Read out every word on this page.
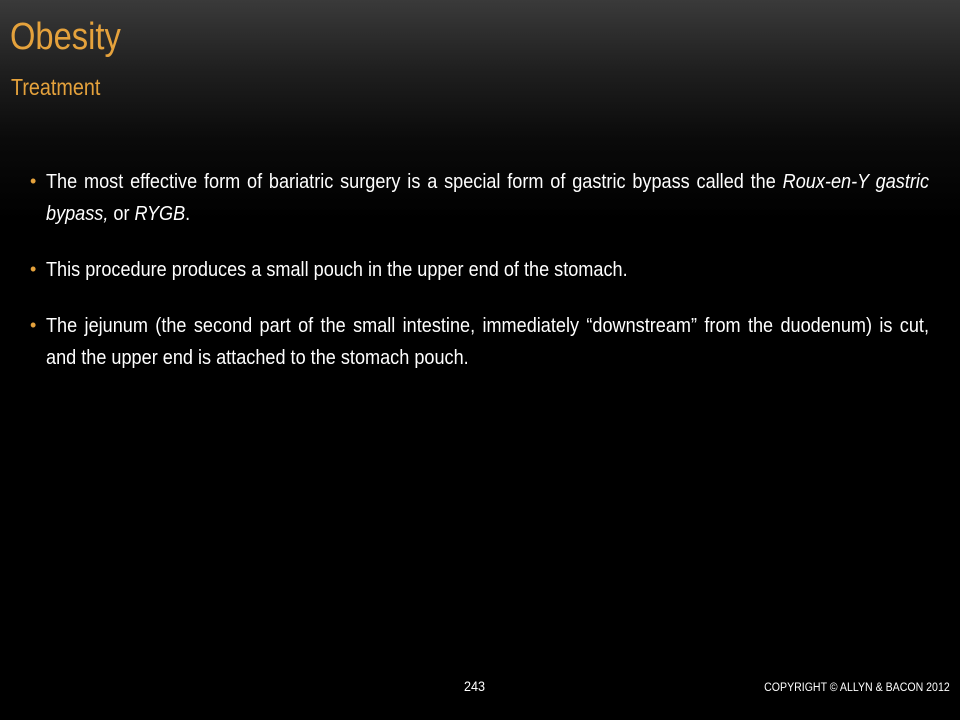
Obesity
Treatment
• The most effective form of bariatric surgery is a special form of gastric bypass called the Roux-en-Y gastric bypass, or RYGB.
• This procedure produces a small pouch in the upper end of the stomach.
• The jejunum (the second part of the small intestine, immediately “downstream” from the duodenum) is cut, and the upper end is attached to the stomach pouch.
243	COPYRIGHT © ALLYN & BACON 2012
